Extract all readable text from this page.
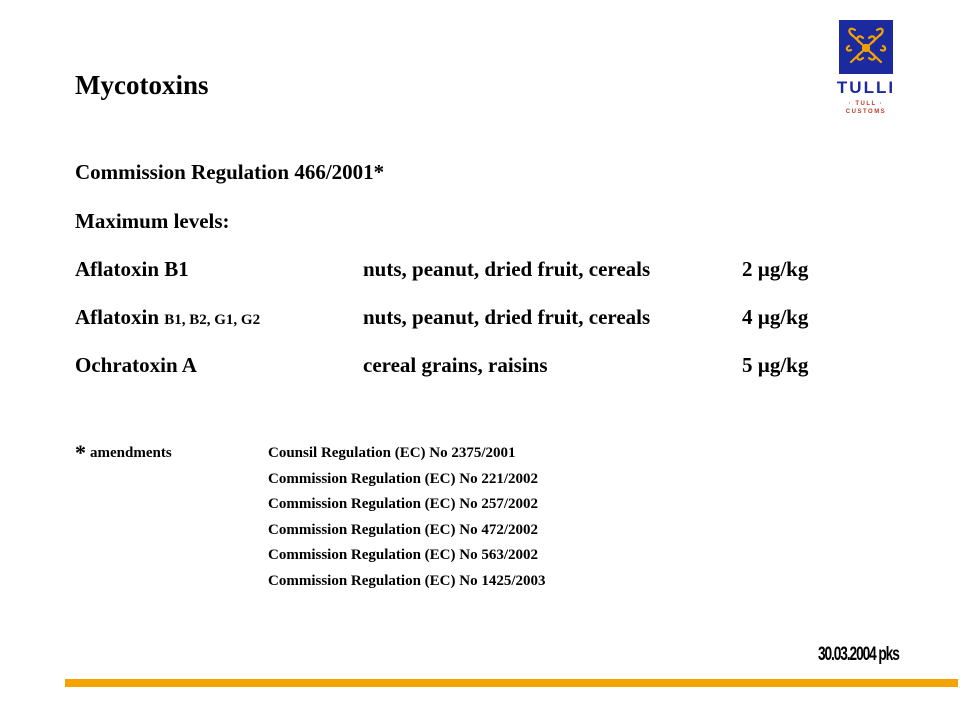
Mycotoxins
Commission Regulation 466/2001*
Maximum levels:
Aflatoxin B1	nuts, peanut, dried fruit, cereals	2 µg/kg
Aflatoxin B1, B2, G1, G2	nuts, peanut, dried fruit, cereals	4 µg/kg
Ochratoxin A	cereal grains, raisins	5 µg/kg
* amendments	Counsil Regulation (EC) No 2375/2001
Commission Regulation (EC) No 221/2002
Commission Regulation (EC) No 257/2002
Commission Regulation (EC) No 472/2002
Commission Regulation (EC) No 563/2002
Commission Regulation (EC) No 1425/2003
TULLI
· TULL ·
CUSTOMS
30.03.2004 pks
